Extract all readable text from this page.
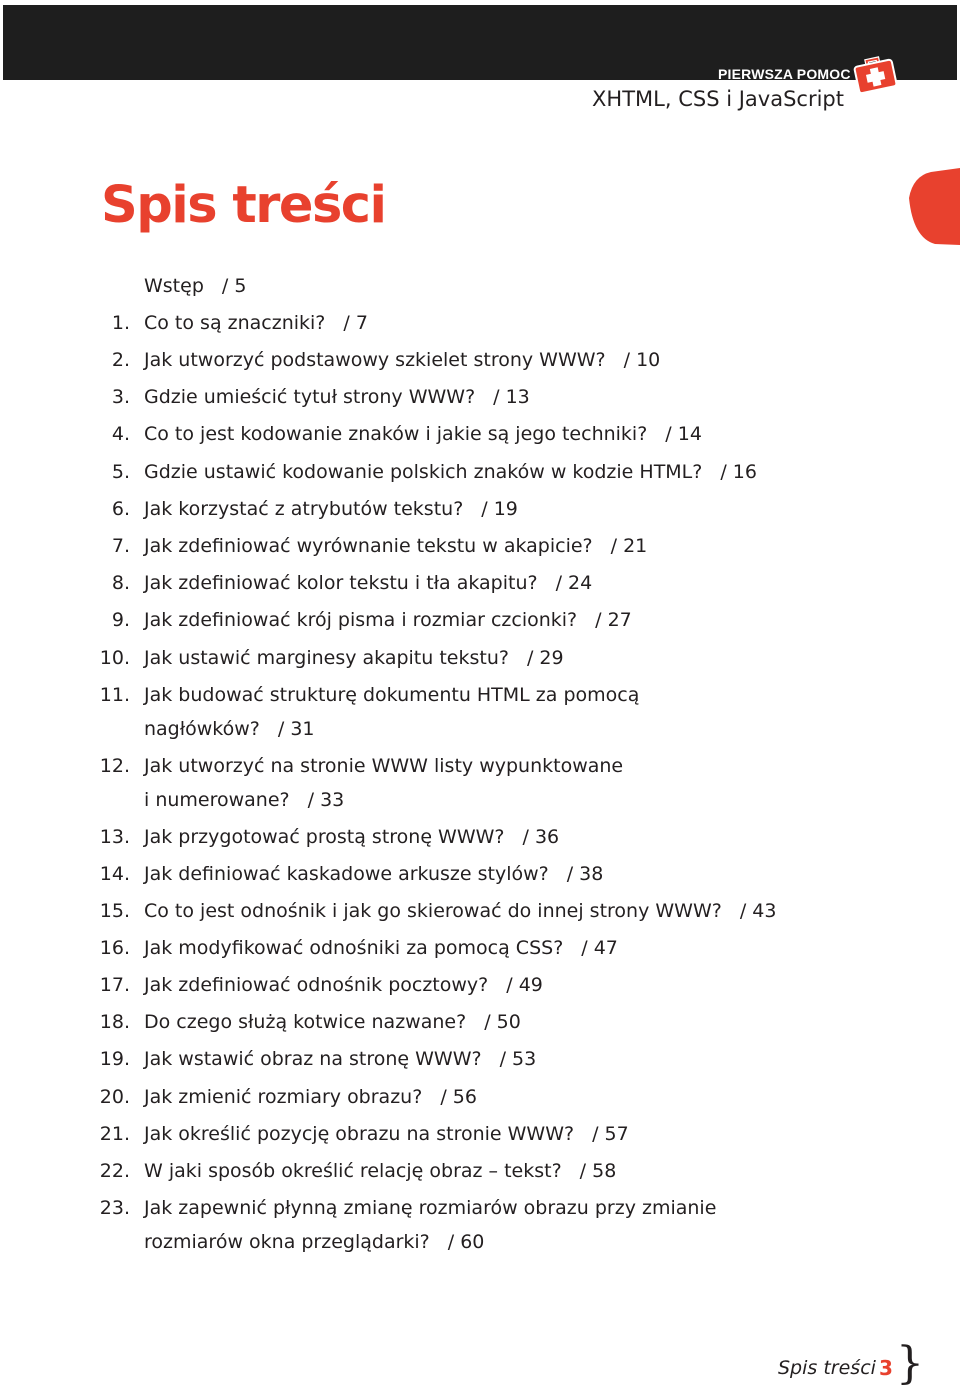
PIERWSZA POMOC
XHTML, CSS i JavaScript
Spis treści
Wstęp / 5
1. Co to są znaczniki? / 7
2. Jak utworzyć podstawowy szkielet strony WWW? / 10
3. Gdzie umieścić tytuł strony WWW? / 13
4. Co to jest kodowanie znaków i jakie są jego techniki? / 14
5. Gdzie ustawić kodowanie polskich znaków w kodzie HTML? / 16
6. Jak korzystać z atrybutów tekstu? / 19
7. Jak zdefiniować wyrównanie tekstu w akapicie? / 21
8. Jak zdefiniować kolor tekstu i tła akapitu? / 24
9. Jak zdefiniować krój pisma i rozmiar czcionki? / 27
10. Jak ustawić marginesy akapitu tekstu? / 29
11. Jak budować strukturę dokumentu HTML za pomocą
nagłówków? / 31
12. Jak utworzyć na stronie WWW listy wypunktowane
i numerowane? / 33
13. Jak przygotować prostą stronę WWW? / 36
14. Jak definiować kaskadowe arkusze stylów? / 38
15. Co to jest odnośnik i jak go skierować do innej strony WWW? / 43
16. Jak modyfikować odnośniki za pomocą CSS? / 47
17. Jak zdefiniować odnośnik pocztowy? / 49
18. Do czego służą kotwice nazwane? / 50
19. Jak wstawić obraz na stronę WWW? / 53
20. Jak zmienić rozmiary obrazu? / 56
21. Jak określić pozycję obrazu na stronie WWW? / 57
22. W jaki sposób określić relację obraz – tekst? / 58
23. Jak zapewnić płynną zmianę rozmiarów obrazu przy zmianie
rozmiarów okna przeglądarki? / 60
Spis treści 3 }
